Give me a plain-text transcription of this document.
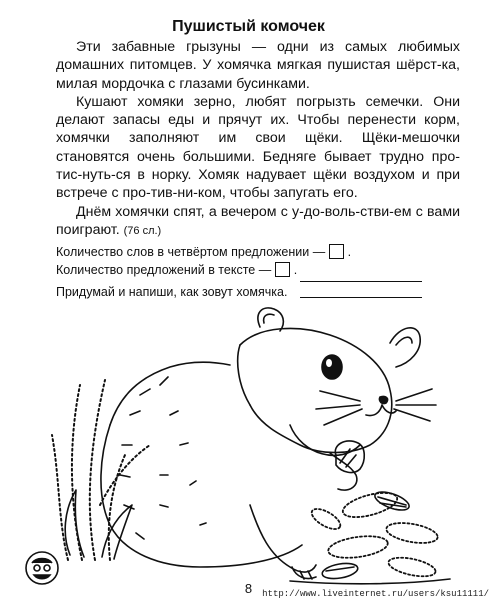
Пушистый комочек

Эти забавные грызуны — одни из самых любимых домашних питомцев. У хомячка мягкая пушистая шёрст-ка, милая мордочка с глазами бусинками.

Кушают хомяки зерно, любят погрызть семечки. Они делают запасы еды и прячут их. Чтобы перенести корм, хомячки заполняют им свои щёки. Щёки-мешочки становятся очень большими. Бедняге бывает трудно про-тис-нуть-ся в норку. Хомяк надувает щёки воздухом и при встрече с про-тив-ни-ком, чтобы запугать его.

Днём хомячки спят, а вечером с у-до-воль-стви-ем с вами поиграют. (76 сл.)

Количество слов в четвёртом предложении — .
Количество предложений в тексте — .
Придумай и напиши, как зовут хомячка.
8	http://www.liveinternet.ru/users/ksu11111/
